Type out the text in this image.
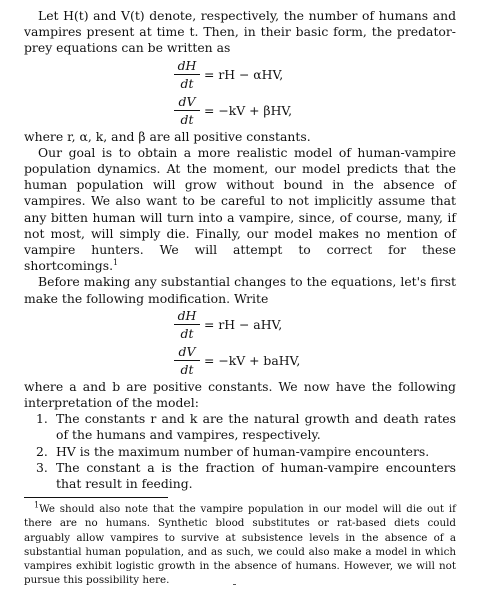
Let H(t) and V(t) denote, respectively, the number of humans and vampires present at time t. Then, in their basic form, the predator-prey equations can be written as

dH
dt
= rH − αHV,
dV
dt
= −kV + βHV,

where r, α, k, and β are all positive constants.

Our goal is to obtain a more realistic model of human-vampire population dynamics. At the moment, our model predicts that the human population will grow without bound in the absence of vampires. We also want to be careful to not implicitly assume that any bitten human will turn into a vampire, since, of course, many, if not most, will simply die. Finally, our model makes no mention of vampire hunters. We will attempt to correct for these shortcomings.$^1$

Before making any substantial changes to the equations, let's first make the following modification. Write

dH
dt
= rH − aHV,
dV
dt
= −kV + baHV,

where a and b are positive constants. We now have the following interpretation of the model:

1. The constants r and k are the natural growth and death rates of the humans and vampires, respectively.
2. HV is the maximum number of human-vampire encounters.
3. The constant a is the fraction of human-vampire encounters that result in feeding.

$^1$We should also note that the vampire population in our model will die out if there are no humans. Synthetic blood substitutes or rat-based diets could arguably allow vampires to survive at subsistence levels in the absence of a substantial human population, and as such, we could also make a model in which vampires exhibit logistic growth in the absence of humans. However, we will not pursue this possibility here.
